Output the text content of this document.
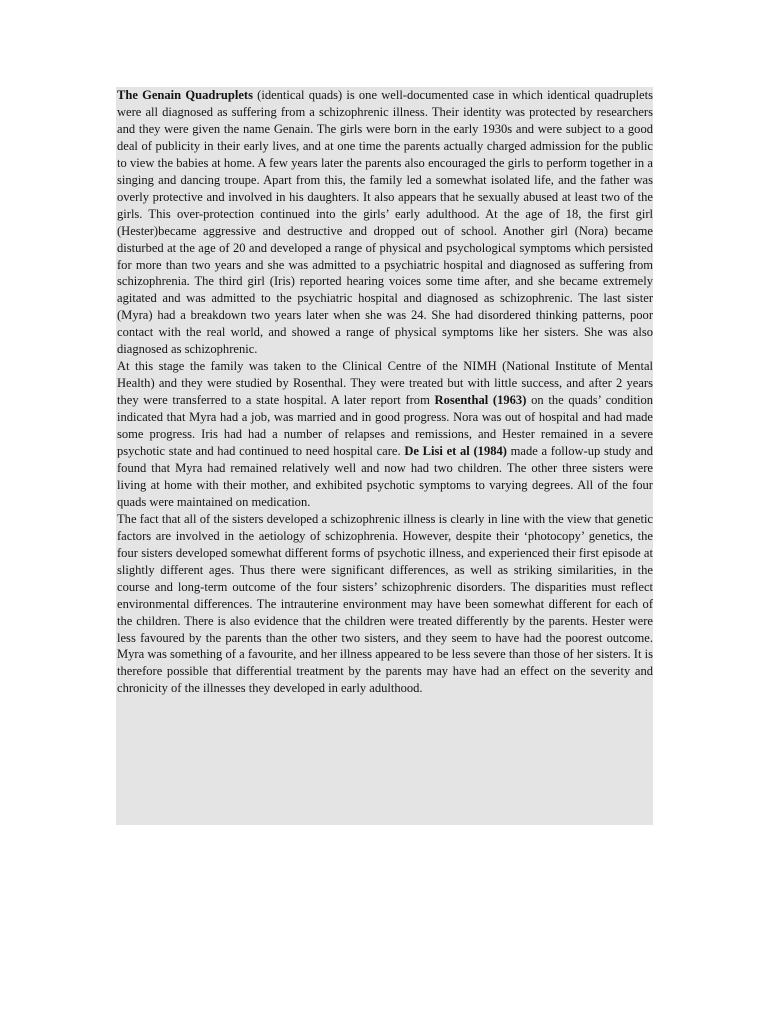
The Genain Quadruplets (identical quads) is one well-documented case in which identical quadruplets were all diagnosed as suffering from a schizophrenic illness. Their identity was protected by researchers and they were given the name Genain. The girls were born in the early 1930s and were subject to a good deal of publicity in their early lives, and at one time the parents actually charged admission for the public to view the babies at home. A few years later the parents also encouraged the girls to perform together in a singing and dancing troupe. Apart from this, the family led a somewhat isolated life, and the father was overly protective and involved in his daughters. It also appears that he sexually abused at least two of the girls. This over-protection continued into the girls’ early adulthood. At the age of 18, the first girl (Hester)became aggressive and destructive and dropped out of school. Another girl (Nora) became disturbed at the age of 20 and developed a range of physical and psychological symptoms which persisted for more than two years and she was admitted to a psychiatric hospital and diagnosed as suffering from schizophrenia. The third girl (Iris) reported hearing voices some time after, and she became extremely agitated and was admitted to the psychiatric hospital and diagnosed as schizophrenic. The last sister (Myra) had a breakdown two years later when she was 24. She had disordered thinking patterns, poor contact with the real world, and showed a range of physical symptoms like her sisters. She was also diagnosed as schizophrenic.

At this stage the family was taken to the Clinical Centre of the NIMH (National Institute of Mental Health) and they were studied by Rosenthal. They were treated but with little success, and after 2 years they were transferred to a state hospital. A later report from Rosenthal (1963) on the quads’ condition indicated that Myra had a job, was married and in good progress. Nora was out of hospital and had made some progress. Iris had had a number of relapses and remissions, and Hester remained in a severe psychotic state and had continued to need hospital care. De Lisi et al (1984) made a follow-up study and found that Myra had remained relatively well and now had two children. The other three sisters were living at home with their mother, and exhibited psychotic symptoms to varying degrees. All of the four quads were maintained on medication.

The fact that all of the sisters developed a schizophrenic illness is clearly in line with the view that genetic factors are involved in the aetiology of schizophrenia. However, despite their ‘photocopy’ genetics, the four sisters developed somewhat different forms of psychotic illness, and experienced their first episode at slightly different ages. Thus there were significant differences, as well as striking similarities, in the course and long-term outcome of the four sisters’ schizophrenic disorders. The disparities must reflect environmental differences. The intrauterine environment may have been somewhat different for each of the children. There is also evidence that the children were treated differently by the parents. Hester were less favoured by the parents than the other two sisters, and they seem to have had the poorest outcome. Myra was something of a favourite, and her illness appeared to be less severe than those of her sisters. It is therefore possible that differential treatment by the parents may have had an effect on the severity and chronicity of the illnesses they developed in early adulthood.
